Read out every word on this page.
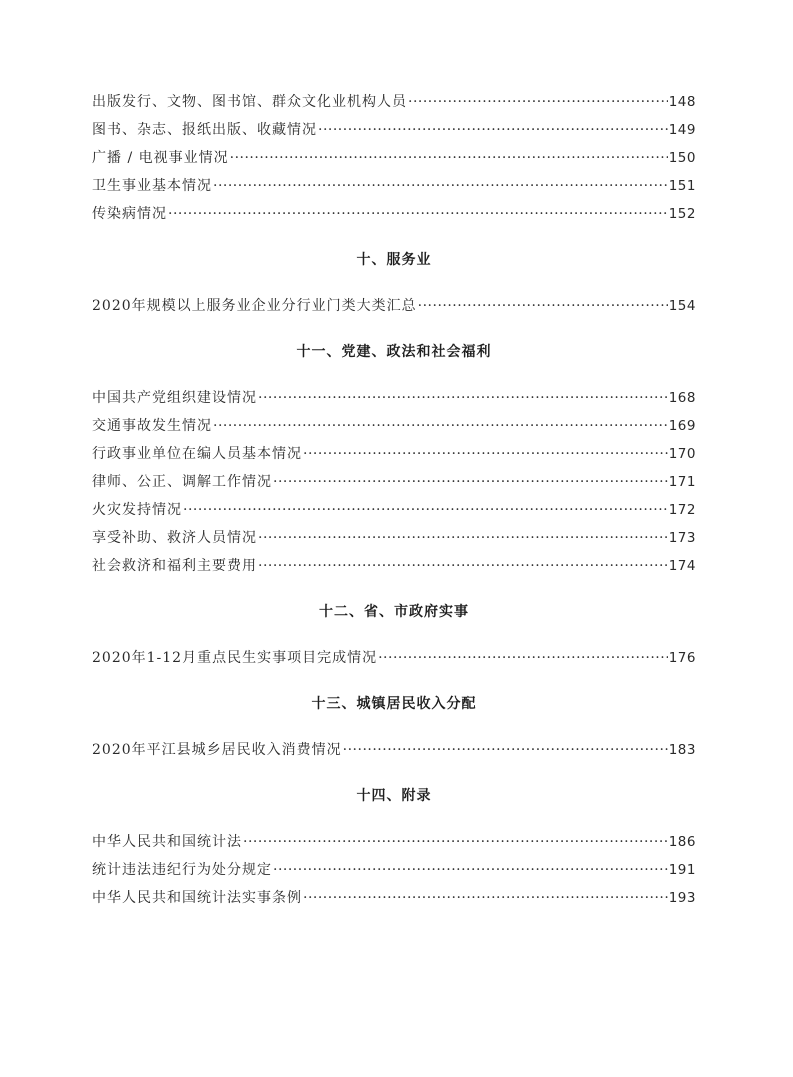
出版发行、文物、图书馆、群众文化业机构人员 ·····	148
图书、杂志、报纸出版、收藏情况 ·····	149
广播 / 电视事业情况 ·····	150
卫生事业基本情况 ·····	151
传染病情况 ·····	152
十、服务业
2020年规模以上服务业企业分行业门类大类汇总 ·····	154
十一、党建、政法和社会福利
中国共产党组织建设情况 ·····	168
交通事故发生情况 ·····	169
行政事业单位在编人员基本情况 ·····	170
律师、公正、调解工作情况 ·····	171
火灾发持情况 ·····	172
享受补助、救济人员情况 ·····	173
社会救济和福利主要费用 ·····	174
十二、省、市政府实事
2020年1-12月重点民生实事项目完成情况 ·····	176
十三、城镇居民收入分配
2020年平江县城乡居民收入消费情况 ·····	183
十四、附录
中华人民共和国统计法 ·····	186
统计违法违纪行为处分规定 ·····	191
中华人民共和国统计法实事条例 ·····	193
